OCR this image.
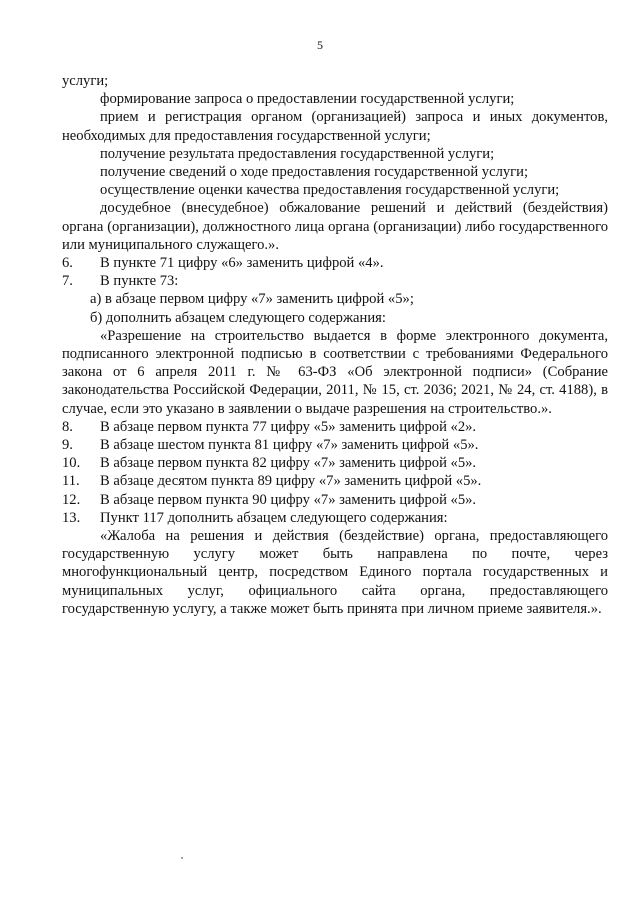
5

услуги;

формирование запроса о предоставлении государственной услуги;

прием и регистрация органом (организацией) запроса и иных документов, необходимых для предоставления государственной услуги;

получение результата предоставления государственной услуги;

получение сведений о ходе предоставления государственной услуги;

осуществление оценки качества предоставления государственной услуги;

досудебное (внесудебное) обжалование решений и действий (бездействия) органа (организации), должностного лица органа (организации) либо государственного или муниципального служащего.».

6.	В пункте 71 цифру «6» заменить цифрой «4».
7.	В пункте 73:

а) в абзаце первом цифру «7» заменить цифрой «5»;

б) дополнить абзацем следующего содержания:

«Разрешение на строительство выдается в форме электронного документа, подписанного электронной подписью в соответствии с требованиями Федерального закона от 6 апреля 2011 г. № 63-ФЗ «Об электронной подписи» (Собрание законодательства Российской Федерации, 2011, № 15, ст. 2036; 2021, № 24, ст. 4188), в случае, если это указано в заявлении о выдаче разрешения на строительство.».

8.	В абзаце первом пункта 77 цифру «5» заменить цифрой «2».
9.	В абзаце шестом пункта 81 цифру «7» заменить цифрой «5».
10.	В абзаце первом пункта 82 цифру «7» заменить цифрой «5».
11.	В абзаце десятом пункта 89 цифру «7» заменить цифрой «5».
12.	В абзаце первом пункта 90 цифру «7» заменить цифрой «5».
13.	Пункт 117 дополнить абзацем следующего содержания:

«Жалоба на решения и действия (бездействие) органа, предоставляющего государственную услугу может быть направлена по почте, через многофункциональный центр, посредством Единого портала государственных и муниципальных услуг, официального сайта органа, предоставляющего государственную услугу, а также может быть принята при личном приеме заявителя.».
